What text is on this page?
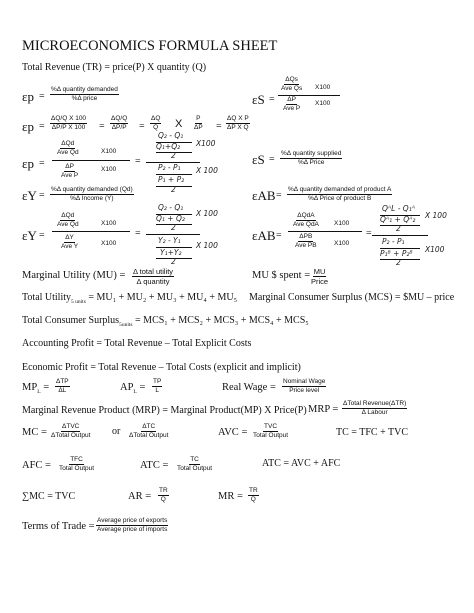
MICROECONOMICS FORMULA SHEET
Total Revenue (TR) = price(P) X quantity (Q)
εp =
%Δ quantity demanded
%Δ price
$\varepsilon p = \frac{\text{ΔQ/Q X 100}}{\text{ΔP/P X 100}} = \frac{\Delta Q/Q}{\Delta P/P}$ =
ΔQ
Q X P
$\Delta P = \frac{\text{ΔQ X P}}{\text{ΔP X Q}}$
εp =
ΔQd
Ave Qd	X100
ΔP
Ave P
X100
=
Q₂ - Q₁
Q₁+Q₂
2
X100
P₂ - P₁
P₁ + P₂
2
X 100
εS =
ΔQs
Ave Qs X100
ΔP
Ave P
X100
εS =
%Δ quantity supplied
%Δ Price
εY =
%Δ quantity demanded (Qd)
%Δ Income (Y)
εY =
ΔQd
Ave Qd	X100
ΔY
Ave Y	X100
=
Q₂ - Q₁
Q₁ + Q₂
2
X 100
Y₂ - Y₁
Y₁+Y₂
2
X 100
εAB =
%Δ quantity demanded of product A
%Δ Price of product B
εAB =
ΔQdA
Ave QdA X100
ΔPB
Ave PB	X100
=
QᴬL - Q₁ᴬ
Qᴬ₁ + Qᴬ₂
2
X 100
P₂ - P₁
P₁ᴮ + P₂ᴮ
2
X100
Marginal Utility (MU) = Δ total utility
Δ quantity
MU $ spent = MU
Price
Total Utility$_{5 units}$ = MU₁ + MU₂ + MU₃ + MU₄ + MU₅ Marginal Consumer Surplus (MCS) = $MU – price
Total Consumer Surplus$_{5units}$ = MCS₁ + MCS₂ + MCS₃ + MCS₄ + MCS₅
Accounting Profit = Total Revenue – Total Explicit Costs
Economic Profit = Total Revenue – Total Costs (explicit and implicit)
$MP_L$ =
ΔTP
ΔL	$AP_L = \frac{TP}{L}$	Real Wage =
Nominal Wage
Price level
Marginal Revenue Product (MRP) = Marginal Product(MP) X Price(P) MRP =
ΔTotal Revenue(ΔTR)
Δ Labour
MC =
ΔTVC
ΔTotal Output or	ΔTC
ΔTotal Output	AVC =
TVC
Total Output	TC = TFC + TVC
AFC =
TFC
Total Output	ATC =
TC
Total Output	ATC = AVC + AFC
∑MC = TVC	AR = $\frac{TR}{Q}$	MR = $\frac{TR}{Q}$
Terms of Trade =
Average price of exports
Average price of imports
